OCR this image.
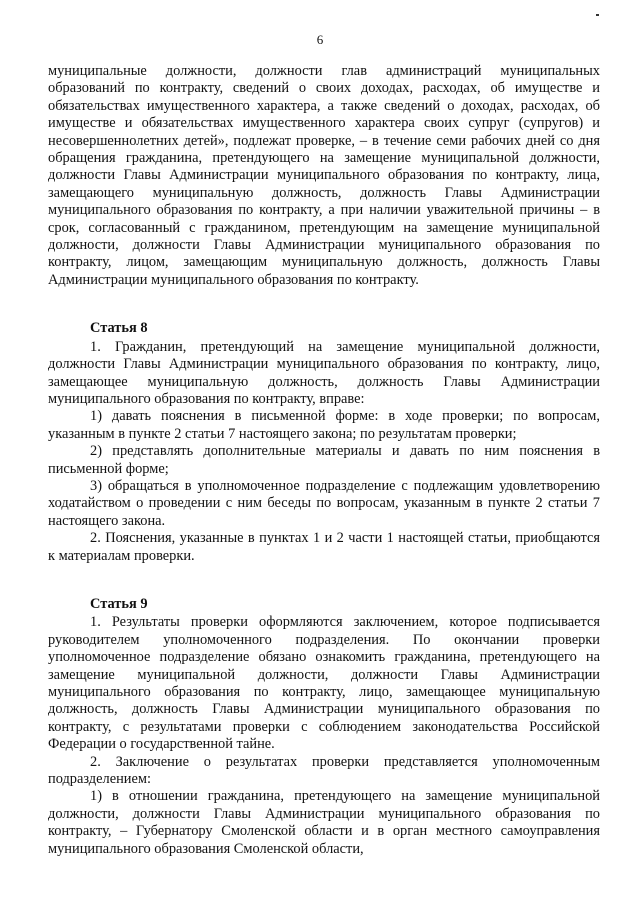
6

муниципальные должности, должности глав администраций муниципальных образований по контракту, сведений о своих доходах, расходах, об имуществе и обязательствах имущественного характера, а также сведений о доходах, расходах, об имуществе и обязательствах имущественного характера своих супруг (супругов) и несовершеннолетних детей», подлежат проверке, – в течение семи рабочих дней со дня обращения гражданина, претендующего на замещение муниципальной должности, должности Главы Администрации муниципального образования по контракту, лица, замещающего муниципальную должность, должность Главы Администрации муниципального образования по контракту, а при наличии уважительной причины – в срок, согласованный с гражданином, претендующим на замещение муниципальной должности, должности Главы Администрации муниципального образования по контракту, лицом, замещающим муниципальную должность, должность Главы Администрации муниципального образования по контракту.

Статья 8

1. Гражданин, претендующий на замещение муниципальной должности, должности Главы Администрации муниципального образования по контракту, лицо, замещающее муниципальную должность, должность Главы Администрации муниципального образования по контракту, вправе:

1) давать пояснения в письменной форме: в ходе проверки; по вопросам, указанным в пункте 2 статьи 7 настоящего закона; по результатам проверки;

2) представлять дополнительные материалы и давать по ним пояснения в письменной форме;

3) обращаться в уполномоченное подразделение с подлежащим удовлетворению ходатайством о проведении с ним беседы по вопросам, указанным в пункте 2 статьи 7 настоящего закона.

2. Пояснения, указанные в пунктах 1 и 2 части 1 настоящей статьи, приобщаются к материалам проверки.

Статья 9

1. Результаты проверки оформляются заключением, которое подписывается руководителем уполномоченного подразделения. По окончании проверки уполномоченное подразделение обязано ознакомить гражданина, претендующего на замещение муниципальной должности, должности Главы Администрации муниципального образования по контракту, лицо, замещающее муниципальную должность, должность Главы Администрации муниципального образования по контракту, с результатами проверки с соблюдением законодательства Российской Федерации о государственной тайне.

2. Заключение о результатах проверки представляется уполномоченным подразделением:

1) в отношении гражданина, претендующего на замещение муниципальной должности, должности Главы Администрации муниципального образования по контракту, – Губернатору Смоленской области и в орган местного самоуправления муниципального образования Смоленской области,
